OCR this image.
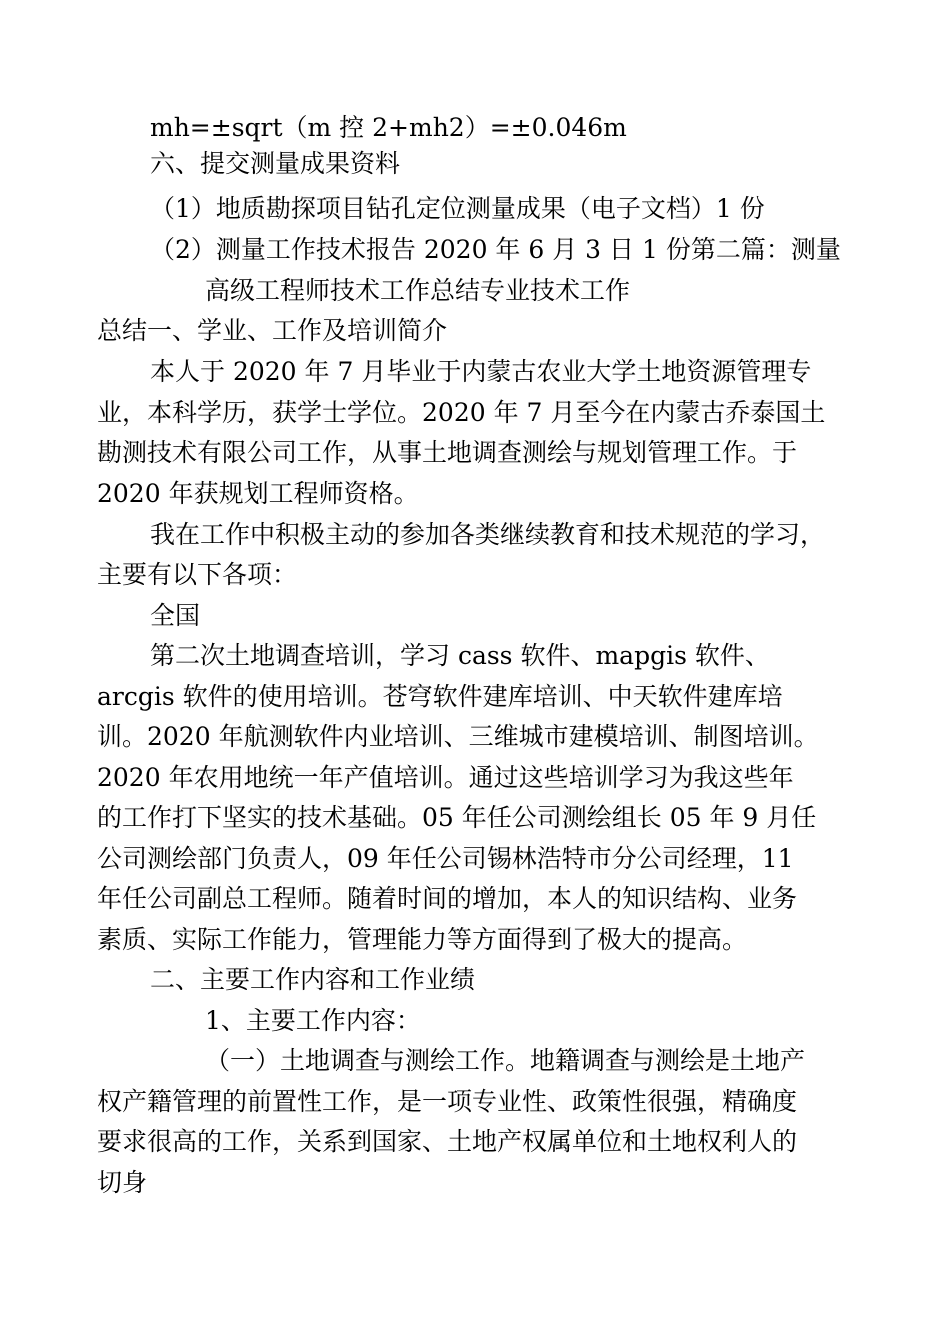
mh=±sqrt（m 控 2+mh2）=±0.046m
六、提交测量成果资料
（1）地质勘探项目钻孔定位测量成果（电子文档）1 份
（2）测量工作技术报告 2020 年 6 月 3 日 1 份第二篇：测量
高级工程师技术工作总结专业技术工作
总结一、学业、工作及培训简介
本人于 2020 年 7 月毕业于内蒙古农业大学土地资源管理专
业，本科学历，获学士学位。2020 年 7 月至今在内蒙古乔泰国土
勘测技术有限公司工作，从事土地调查测绘与规划管理工作。于
2020 年获规划工程师资格。
我在工作中积极主动的参加各类继续教育和技术规范的学习，
主要有以下各项：
全国
第二次土地调查培训，学习 cass 软件、mapgis 软件、
arcgis 软件的使用培训。苍穹软件建库培训、中天软件建库培
训。2020 年航测软件内业培训、三维城市建模培训、制图培训。
2020 年农用地统一年产值培训。通过这些培训学习为我这些年
的工作打下坚实的技术基础。05 年任公司测绘组长 05 年 9 月任
公司测绘部门负责人，09 年任公司锡林浩特市分公司经理，11
年任公司副总工程师。随着时间的增加，本人的知识结构、业务
素质、实际工作能力，管理能力等方面得到了极大的提高。
二、主要工作内容和工作业绩
1、主要工作内容：
（一）土地调查与测绘工作。地籍调查与测绘是土地产
权产籍管理的前置性工作，是一项专业性、政策性很强，精确度
要求很高的工作，关系到国家、土地产权属单位和土地权利人的
切身
